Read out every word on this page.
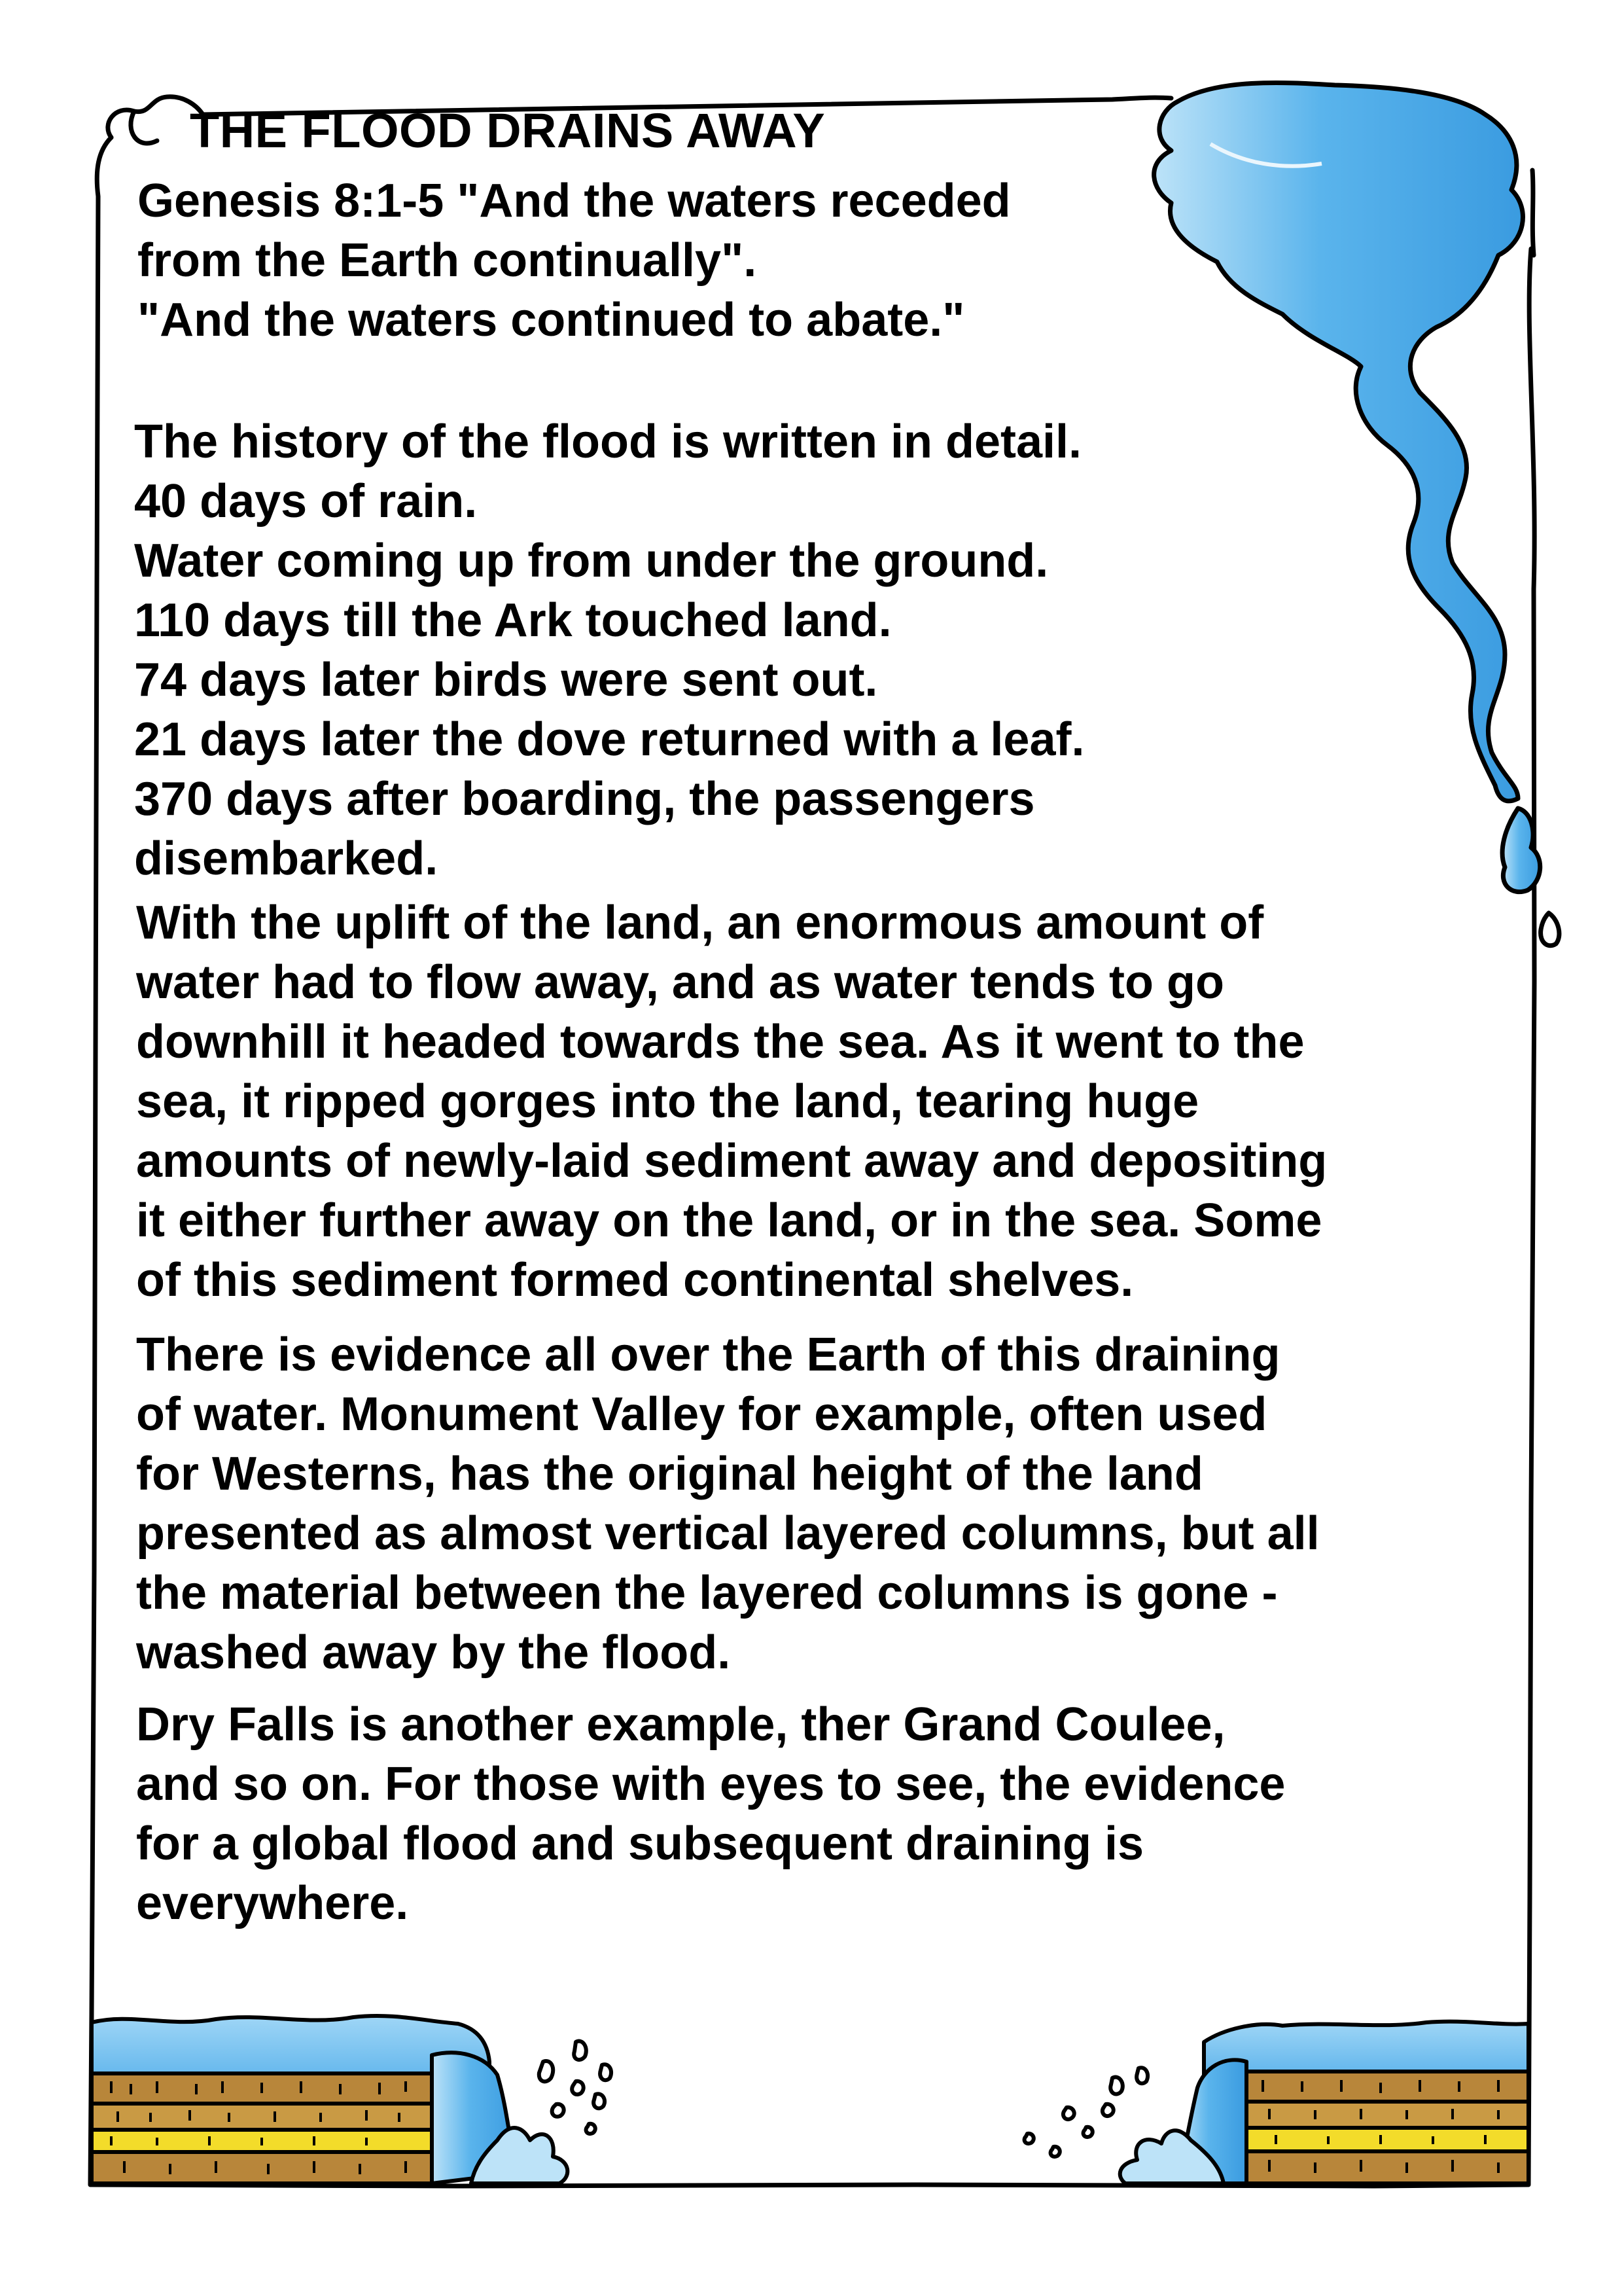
THE FLOOD DRAINS AWAY
Genesis 8:1-5 "And the waters receded
from the Earth continually".
"And the waters continued to abate."
The history of the flood is written in detail.
40 days of rain.
Water coming up from under the ground.
110 days till the Ark touched land.
74 days later birds were sent out.
21 days later the dove returned with a leaf.
370 days after boarding, the passengers
disembarked.
With the uplift of the land, an enormous amount of
water had to flow away, and as water tends to go
downhill it headed towards the sea. As it went to the
sea, it ripped gorges into the land, tearing huge
amounts of newly-laid sediment away and depositing
it either further away on the land, or in the sea. Some
of this sediment formed continental shelves.
There is evidence all over the Earth of this draining
of water. Monument Valley for example, often used
for Westerns, has the original height of the land
presented as almost vertical layered columns, but all
the material between the layered columns is gone -
washed away by the flood.
Dry Falls is another example, ther Grand Coulee,
and so on. For those with eyes to see, the evidence
for a global flood and subsequent draining is
everywhere.
